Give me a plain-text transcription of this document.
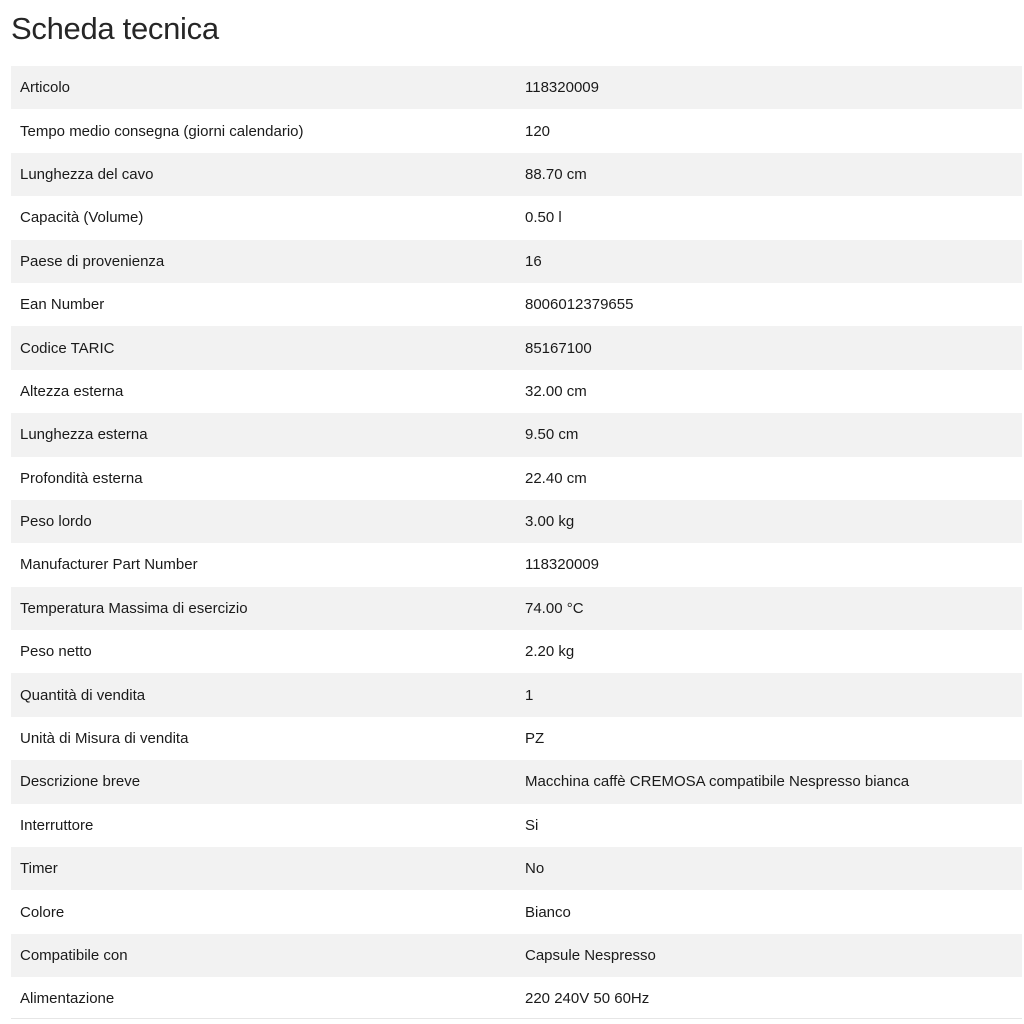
Scheda tecnica
Articolo	118320009
Tempo medio consegna (giorni calendario)	120
Lunghezza del cavo	88.70 cm
Capacità (Volume)	0.50 l
Paese di provenienza	16
Ean Number	8006012379655
Codice TARIC	85167100
Altezza esterna	32.00 cm
Lunghezza esterna	9.50 cm
Profondità esterna	22.40 cm
Peso lordo	3.00 kg
Manufacturer Part Number	118320009
Temperatura Massima di esercizio	74.00 °C
Peso netto	2.20 kg
Quantità di vendita	1
Unità di Misura di vendita	PZ
Descrizione breve	Macchina caffè CREMOSA compatibile Nespresso bianca
Interruttore	Si
Timer	No
Colore	Bianco
Compatibile con	Capsule Nespresso
Alimentazione	220 240V 50 60Hz
